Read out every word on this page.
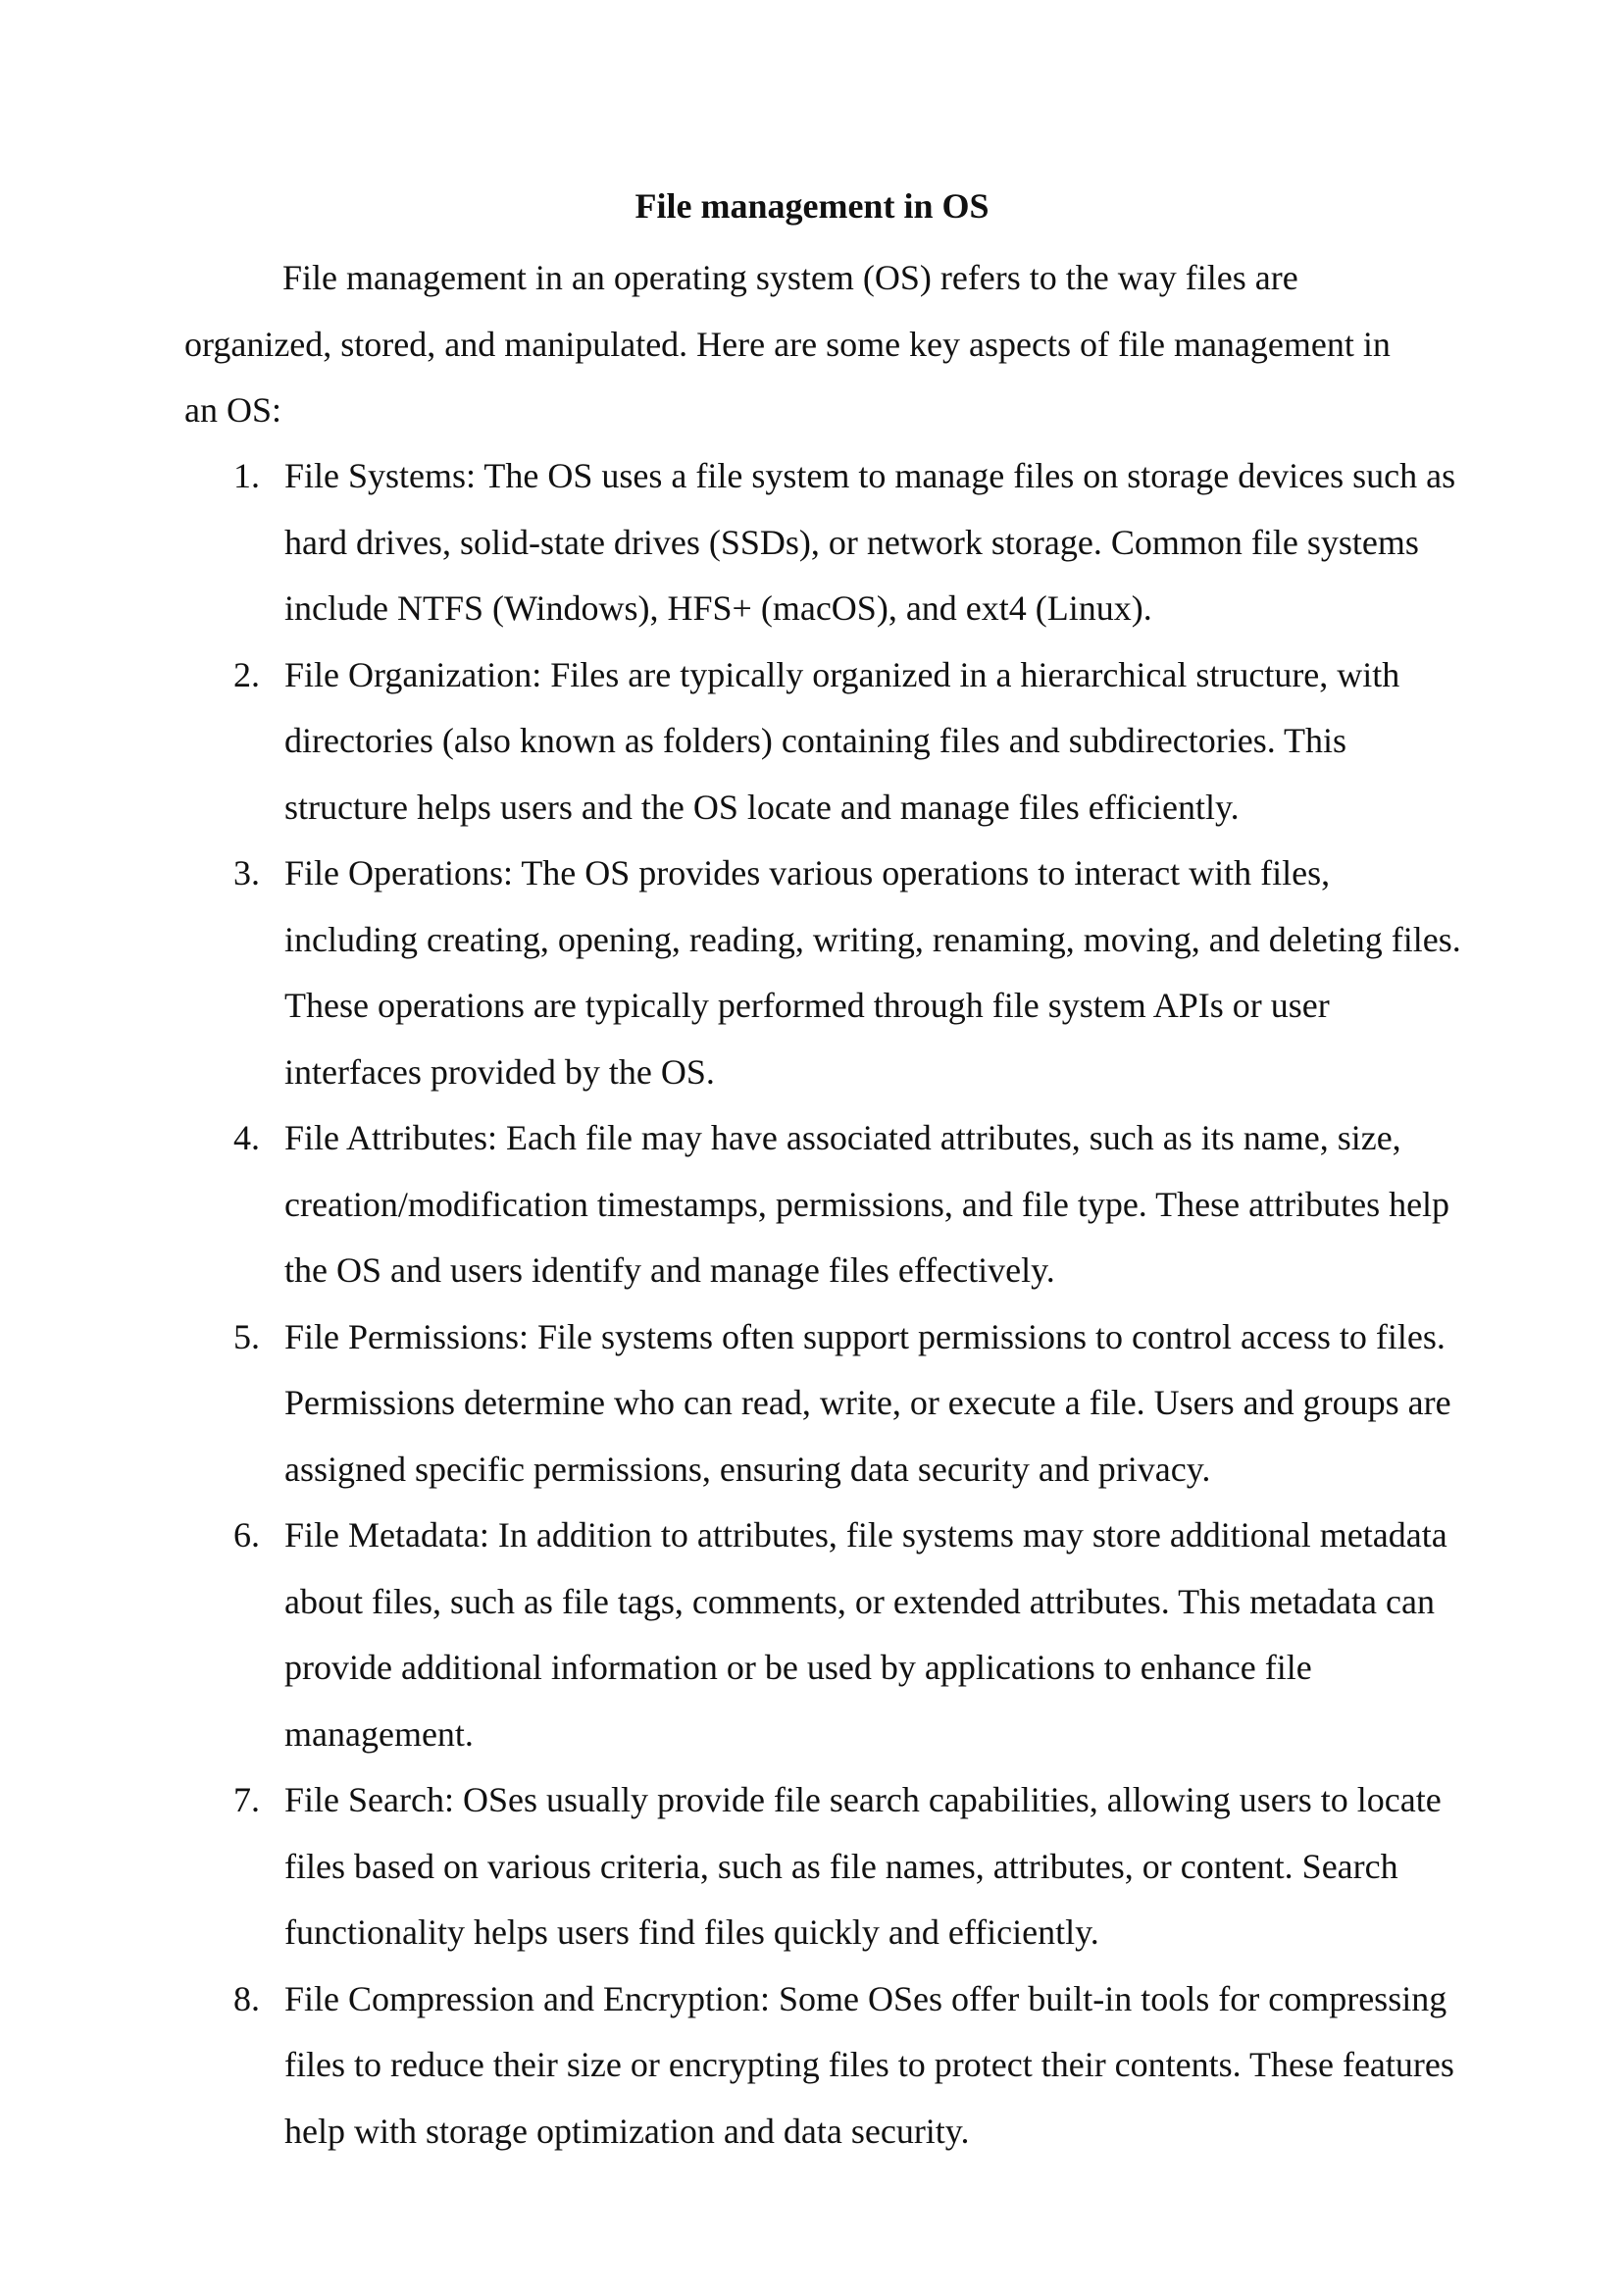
File management in OS

File management in an operating system (OS) refers to the way files are organized, stored, and manipulated. Here are some key aspects of file management in an OS:

1. File Systems: The OS uses a file system to manage files on storage devices such as hard drives, solid-state drives (SSDs), or network storage. Common file systems include NTFS (Windows), HFS+ (macOS), and ext4 (Linux).
2. File Organization: Files are typically organized in a hierarchical structure, with directories (also known as folders) containing files and subdirectories. This structure helps users and the OS locate and manage files efficiently.
3. File Operations: The OS provides various operations to interact with files, including creating, opening, reading, writing, renaming, moving, and deleting files. These operations are typically performed through file system APIs or user interfaces provided by the OS.
4. File Attributes: Each file may have associated attributes, such as its name, size, creation/modification timestamps, permissions, and file type. These attributes help the OS and users identify and manage files effectively.
5. File Permissions: File systems often support permissions to control access to files. Permissions determine who can read, write, or execute a file. Users and groups are assigned specific permissions, ensuring data security and privacy.
6. File Metadata: In addition to attributes, file systems may store additional metadata about files, such as file tags, comments, or extended attributes. This metadata can provide additional information or be used by applications to enhance file management.
7. File Search: OSes usually provide file search capabilities, allowing users to locate files based on various criteria, such as file names, attributes, or content. Search functionality helps users find files quickly and efficiently.
8. File Compression and Encryption: Some OSes offer built-in tools for compressing files to reduce their size or encrypting files to protect their contents. These features help with storage optimization and data security.
